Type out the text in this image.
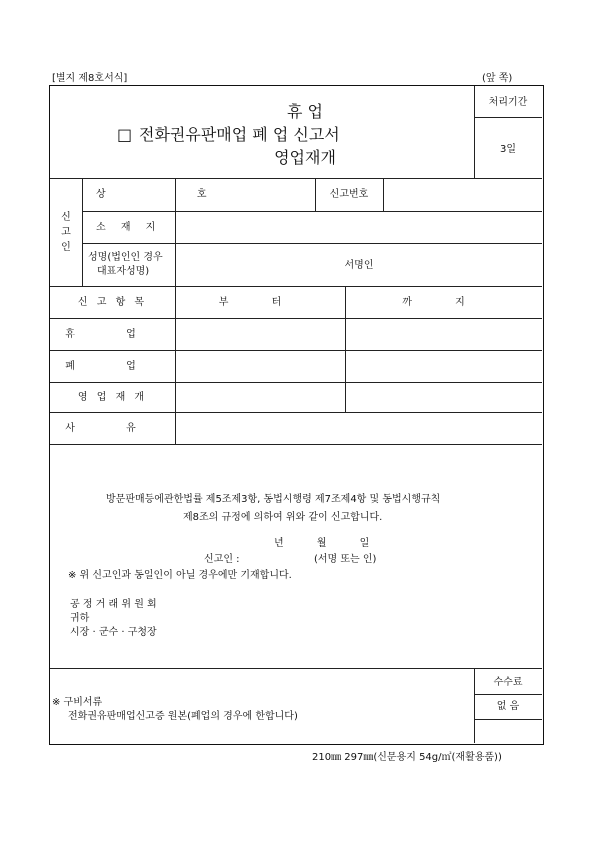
[별지 제8호서식]	(앞 쪽)
휴 업
□ 전화권유판매업 폐 업 신고서
영업재개
처리기간
3일
신
고
인
상 호	신고번호
소 재 지
성명(법인인 경우
대표자성명)
서명인
신 고 항 목	부 터	까 지
휴 업
폐 업
영 업 재 개
사 유
방문판매등에관한법률 제5조제3항, 동법시행령 제7조제4항 및 동법시행규칙
제8조의 규정에 의하여 위와 같이 신고합니다.
년 월 일
신고인 :	(서명 또는 인)
※ 위 신고인과 동일인이 아닐 경우에만 기재합니다.
공 정 거 래 위 원 회
귀하
시장 · 군수 · 구청장
※ 구비서류
전화권유판매업신고증 원본(폐업의 경우에 한합니다)
수수료
없 음
210㎜ 297㎜(신문용지 54g/㎡(재활용품))
